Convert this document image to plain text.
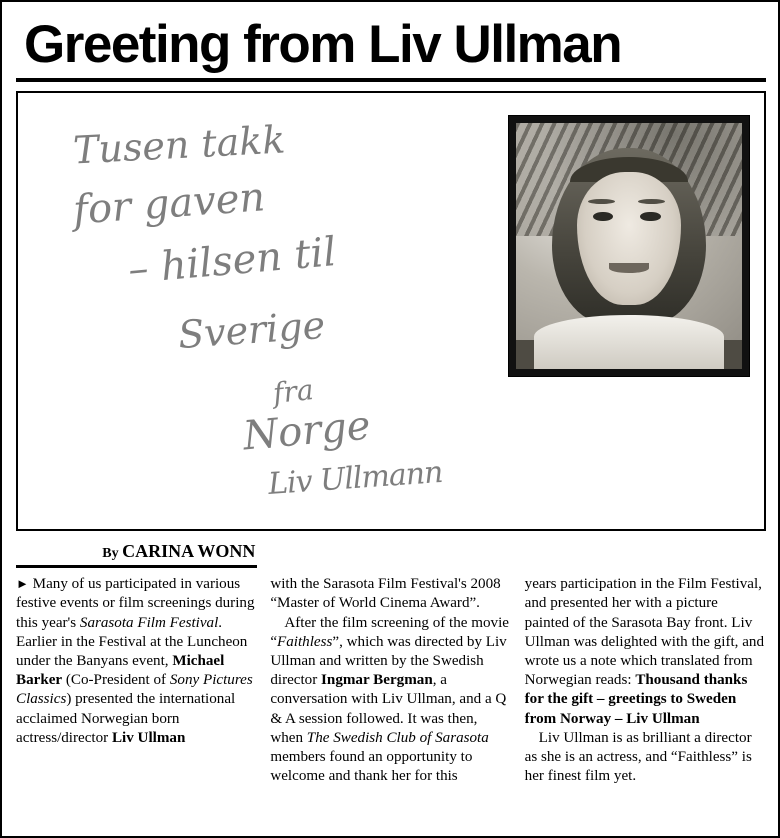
Greeting from Liv Ullman
Tusen takk
for gaven
– hilsen til
Sverige
fra
Norge
Liv Ullmann
By CARINA WONN

► Many of us participated in various festive events or film screenings during this year's Sarasota Film Festival. Earlier in the Festival at the Luncheon under the Banyans event, Michael Barker (Co-President of Sony Pictures Classics) presented the international acclaimed Norwegian born actress/director Liv Ullman

with the Sarasota Film Festival's 2008 “Master of World Cinema Award”.

After the film screening of the movie “Faithless”, which was directed by Liv Ullman and written by the Swedish director Ingmar Bergman, a conversation with Liv Ullman, and a Q & A session followed. It was then, when The Swedish Club of Sarasota members found an opportunity to welcome and thank her for this

years participation in the Film Festival, and presented her with a picture painted of the Sarasota Bay front. Liv Ullman was delighted with the gift, and wrote us a note which translated from Norwegian reads: Thousand thanks for the gift – greetings to Sweden from Norway – Liv Ullman

Liv Ullman is as brilliant a director as she is an actress, and “Faithless” is her finest film yet.
